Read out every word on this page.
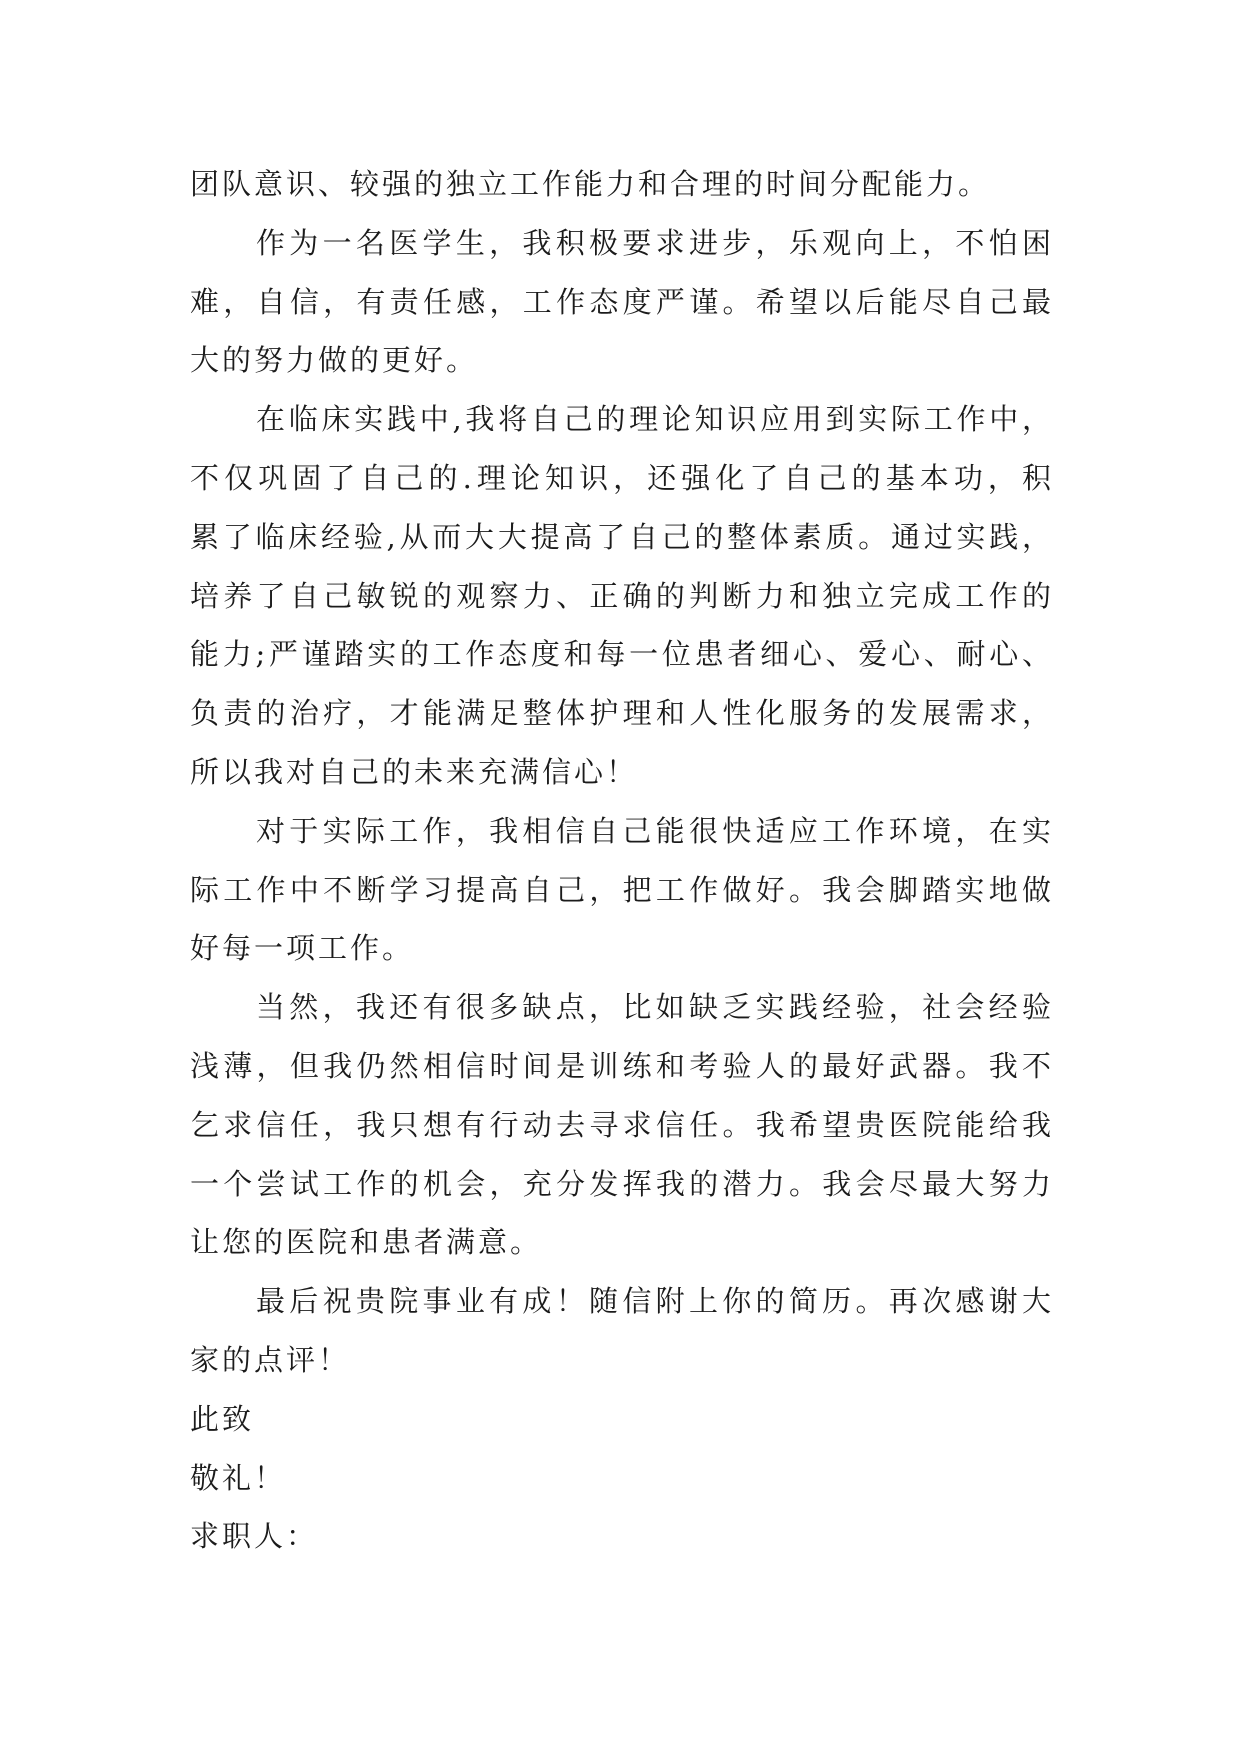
团队意识、较强的独立工作能力和合理的时间分配能力。
作为一名医学生，我积极要求进步，乐观向上，不怕困
难，自信，有责任感，工作态度严谨。希望以后能尽自己最
大的努力做的更好。
在临床实践中,我将自己的理论知识应用到实际工作中，
不仅巩固了自己的.理论知识，还强化了自己的基本功，积
累了临床经验,从而大大提高了自己的整体素质。通过实践，
培养了自己敏锐的观察力、正确的判断力和独立完成工作的
能力;严谨踏实的工作态度和每一位患者细心、爱心、耐心、
负责的治疗，才能满足整体护理和人性化服务的发展需求，
所以我对自己的未来充满信心！
对于实际工作，我相信自己能很快适应工作环境，在实
际工作中不断学习提高自己，把工作做好。我会脚踏实地做
好每一项工作。
当然，我还有很多缺点，比如缺乏实践经验，社会经验
浅薄，但我仍然相信时间是训练和考验人的最好武器。我不
乞求信任，我只想有行动去寻求信任。我希望贵医院能给我
一个尝试工作的机会，充分发挥我的潜力。我会尽最大努力
让您的医院和患者满意。
最后祝贵院事业有成！随信附上你的简历。再次感谢大
家的点评！
此致
敬礼！
求职人：
